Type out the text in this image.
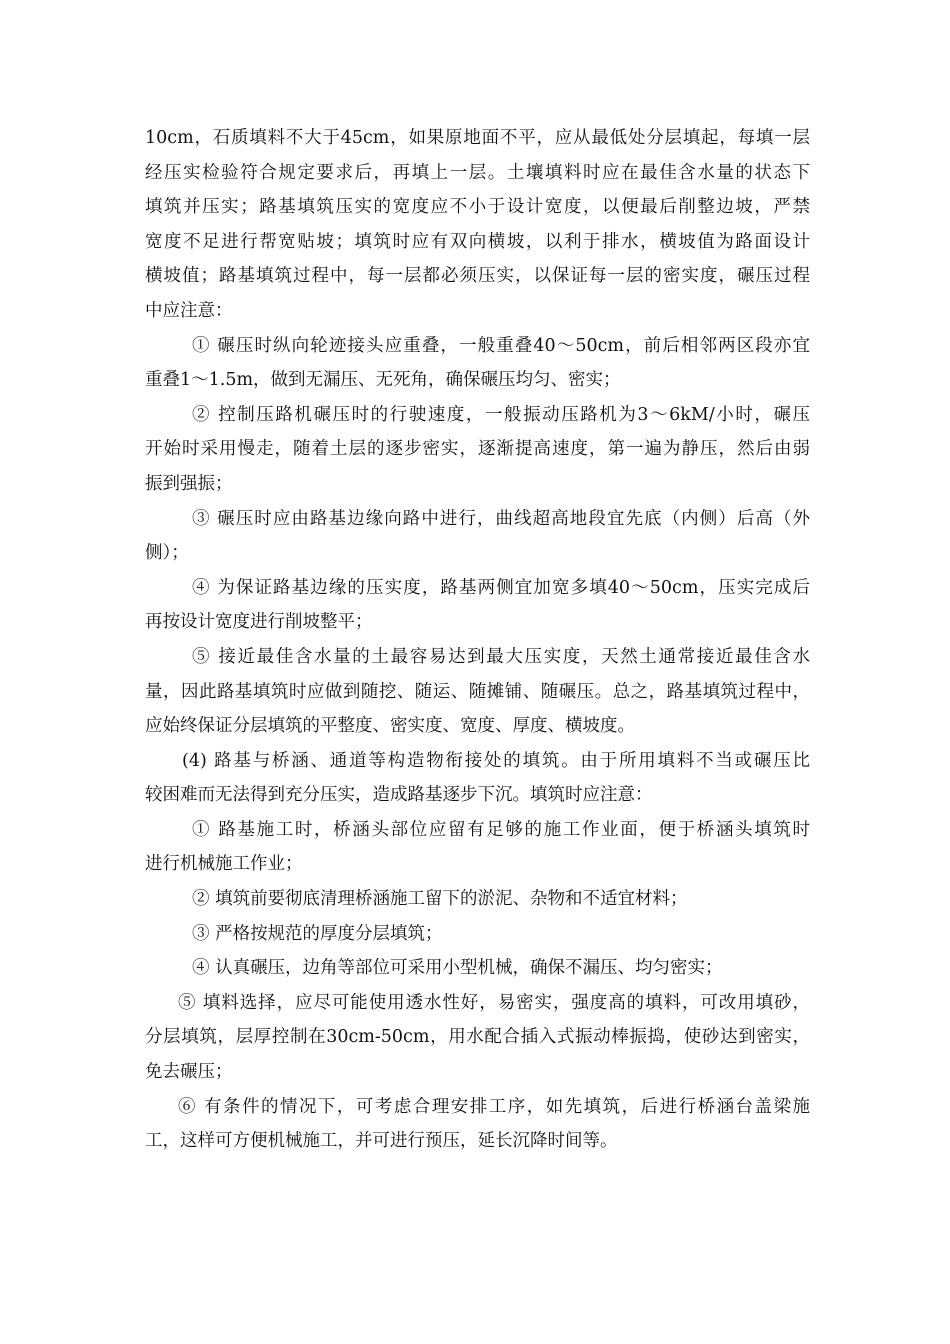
10cm，石质填料不大于45cm，如果原地面不平，应从最低处分层填起，每填一层
经压实检验符合规定要求后，再填上一层。土壤填料时应在最佳含水量的状态下
填筑并压实；路基填筑压实的宽度应不小于设计宽度，以便最后削整边坡，严禁
宽度不足进行帮宽贴坡；填筑时应有双向横坡，以利于排水，横坡值为路面设计
横坡值；路基填筑过程中，每一层都必须压实，以保证每一层的密实度，碾压过程
中应注意：
① 碾压时纵向轮迹接头应重叠，一般重叠40～50cm，前后相邻两区段亦宜
重叠1～1.5m，做到无漏压、无死角，确保碾压均匀、密实；
② 控制压路机碾压时的行驶速度，一般振动压路机为3～6kM/小时，碾压
开始时采用慢走，随着土层的逐步密实，逐渐提高速度，第一遍为静压，然后由弱
振到强振；
③ 碾压时应由路基边缘向路中进行，曲线超高地段宜先底（内侧）后高（外
侧）；
④ 为保证路基边缘的压实度，路基两侧宜加宽多填40～50cm，压实完成后
再按设计宽度进行削坡整平；
⑤ 接近最佳含水量的土最容易达到最大压实度，天然土通常接近最佳含水
量，因此路基填筑时应做到随挖、随运、随摊铺、随碾压。总之，路基填筑过程中，
应始终保证分层填筑的平整度、密实度、宽度、厚度、横坡度。
(4) 路基与桥涵、通道等构造物衔接处的填筑。由于所用填料不当或碾压比
较困难而无法得到充分压实，造成路基逐步下沉。填筑时应注意：
① 路基施工时，桥涵头部位应留有足够的施工作业面，便于桥涵头填筑时
进行机械施工作业；
② 填筑前要彻底清理桥涵施工留下的淤泥、杂物和不适宜材料；
③ 严格按规范的厚度分层填筑；
④ 认真碾压，边角等部位可采用小型机械，确保不漏压、均匀密实；
⑤ 填料选择，应尽可能使用透水性好，易密实，强度高的填料，可改用填砂，
分层填筑，层厚控制在30cm-50cm，用水配合插入式振动棒振捣，使砂达到密实，
免去碾压；
⑥ 有条件的情况下，可考虑合理安排工序，如先填筑，后进行桥涵台盖梁施
工，这样可方便机械施工，并可进行预压，延长沉降时间等。
